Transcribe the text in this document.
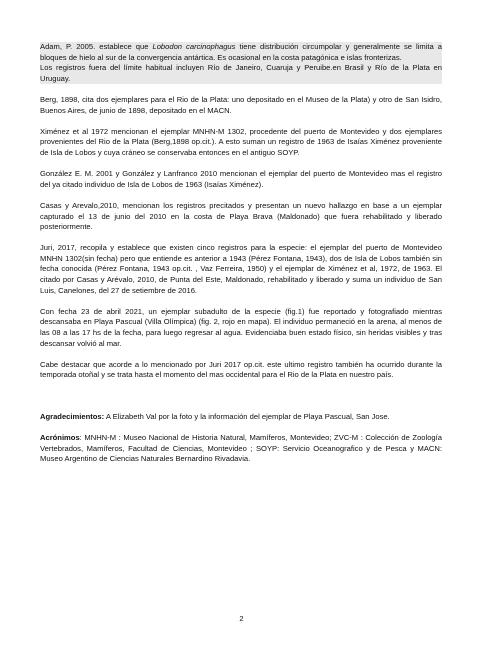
Adam, P. 2005. establece que Lobodon carcinophagus tiene distribución circumpolar y generalmente se limita a bloques de hielo al sur de la convergencia antártica. Es ocasional en la costa patagónica e islas fronterizas.

Los registros fuera del límite habitual incluyen Río de Janeiro, Cuaruja y Peruibe.en Brasil y Río de la Plata en Uruguay.

Berg, 1898, cita dos ejemplares para el Rio de la Plata: uno depositado en el Museo de la Plata) y otro de San Isidro, Buenos Aires, de junio de 1898, depositado en el MACN.

Ximénez et al 1972 mencionan el ejemplar MNHN-M 1302, procedente del puerto de Montevideo y dos ejemplares provenientes del Rio de la Plata (Berg,1898 op.cit.). A esto suman un registro de 1963 de Isaías Ximénez proveniente de Isla de Lobos y cuya cráneo se conservaba entonces en el antiguo SOYP.

González E. M. 2001 y González y Lanfranco 2010 mencionan el ejemplar del puerto de Montevideo mas el registro del ya citado individuo de Isla de Lobos de 1963 (Isaías Ximénez).

Casas y Arevalo,2010, mencionan los registros precitados y presentan un nuevo hallazgo en base a un ejemplar capturado el 13 de junio del 2010 en la costa de Playa Brava (Maldonado) que fuera rehabilitado y liberado posteriormente.

Juri, 2017, recopila y establece que existen cinco registros para la especie: el ejemplar del puerto de Montevideo MNHN 1302(sin fecha) pero que entiende es anterior a 1943 (Pérez Fontana, 1943), dos de Isla de Lobos también sin fecha conocida (Pérez Fontana, 1943 op.cit. , Vaz Ferreira, 1950) y el ejemplar de Ximénez et al, 1972, de 1963. El citado por Casas y Arévalo, 2010, de Punta del Este, Maldonado, rehabilitado y liberado y suma un individuo de San Luis, Canelones, del 27 de setiembre de 2016.

Con fecha 23 de abril 2021, un ejemplar subadulto de la especie (fig.1) fue reportado y fotografiado mientras descansaba en Playa Pascual (Villa Olímpica) (fig. 2, rojo en mapa). El individuo permaneció en la arena, al menos de las 08 a las 17 hs de la fecha, para luego regresar al agua. Evidenciaba buen estado físico, sin heridas visibles y tras descansar volvió al mar.

Cabe destacar que acorde a lo mencionado por Juri 2017 op.cit. este ultimo registro también ha ocurrido durante la temporada otoñal y se trata hasta el momento del mas occidental para el Rio de la Plata en nuestro país.

Agradecimientos: A Elizabeth Val por la foto y la información del ejemplar de Playa Pascual, San Jose.

Acrónimos: MNHN-M : Museo Nacional de Historia Natural, Mamíferos, Montevideo; ZVC-M : Colección de Zoología Vertebrados, Mamíferos, Facultad de Ciencias, Montevideo ; SOYP: Servicio Oceanografico y de Pesca y MACN: Museo Argentino de Ciencias Naturales Bernardino Rivadavia.

2
